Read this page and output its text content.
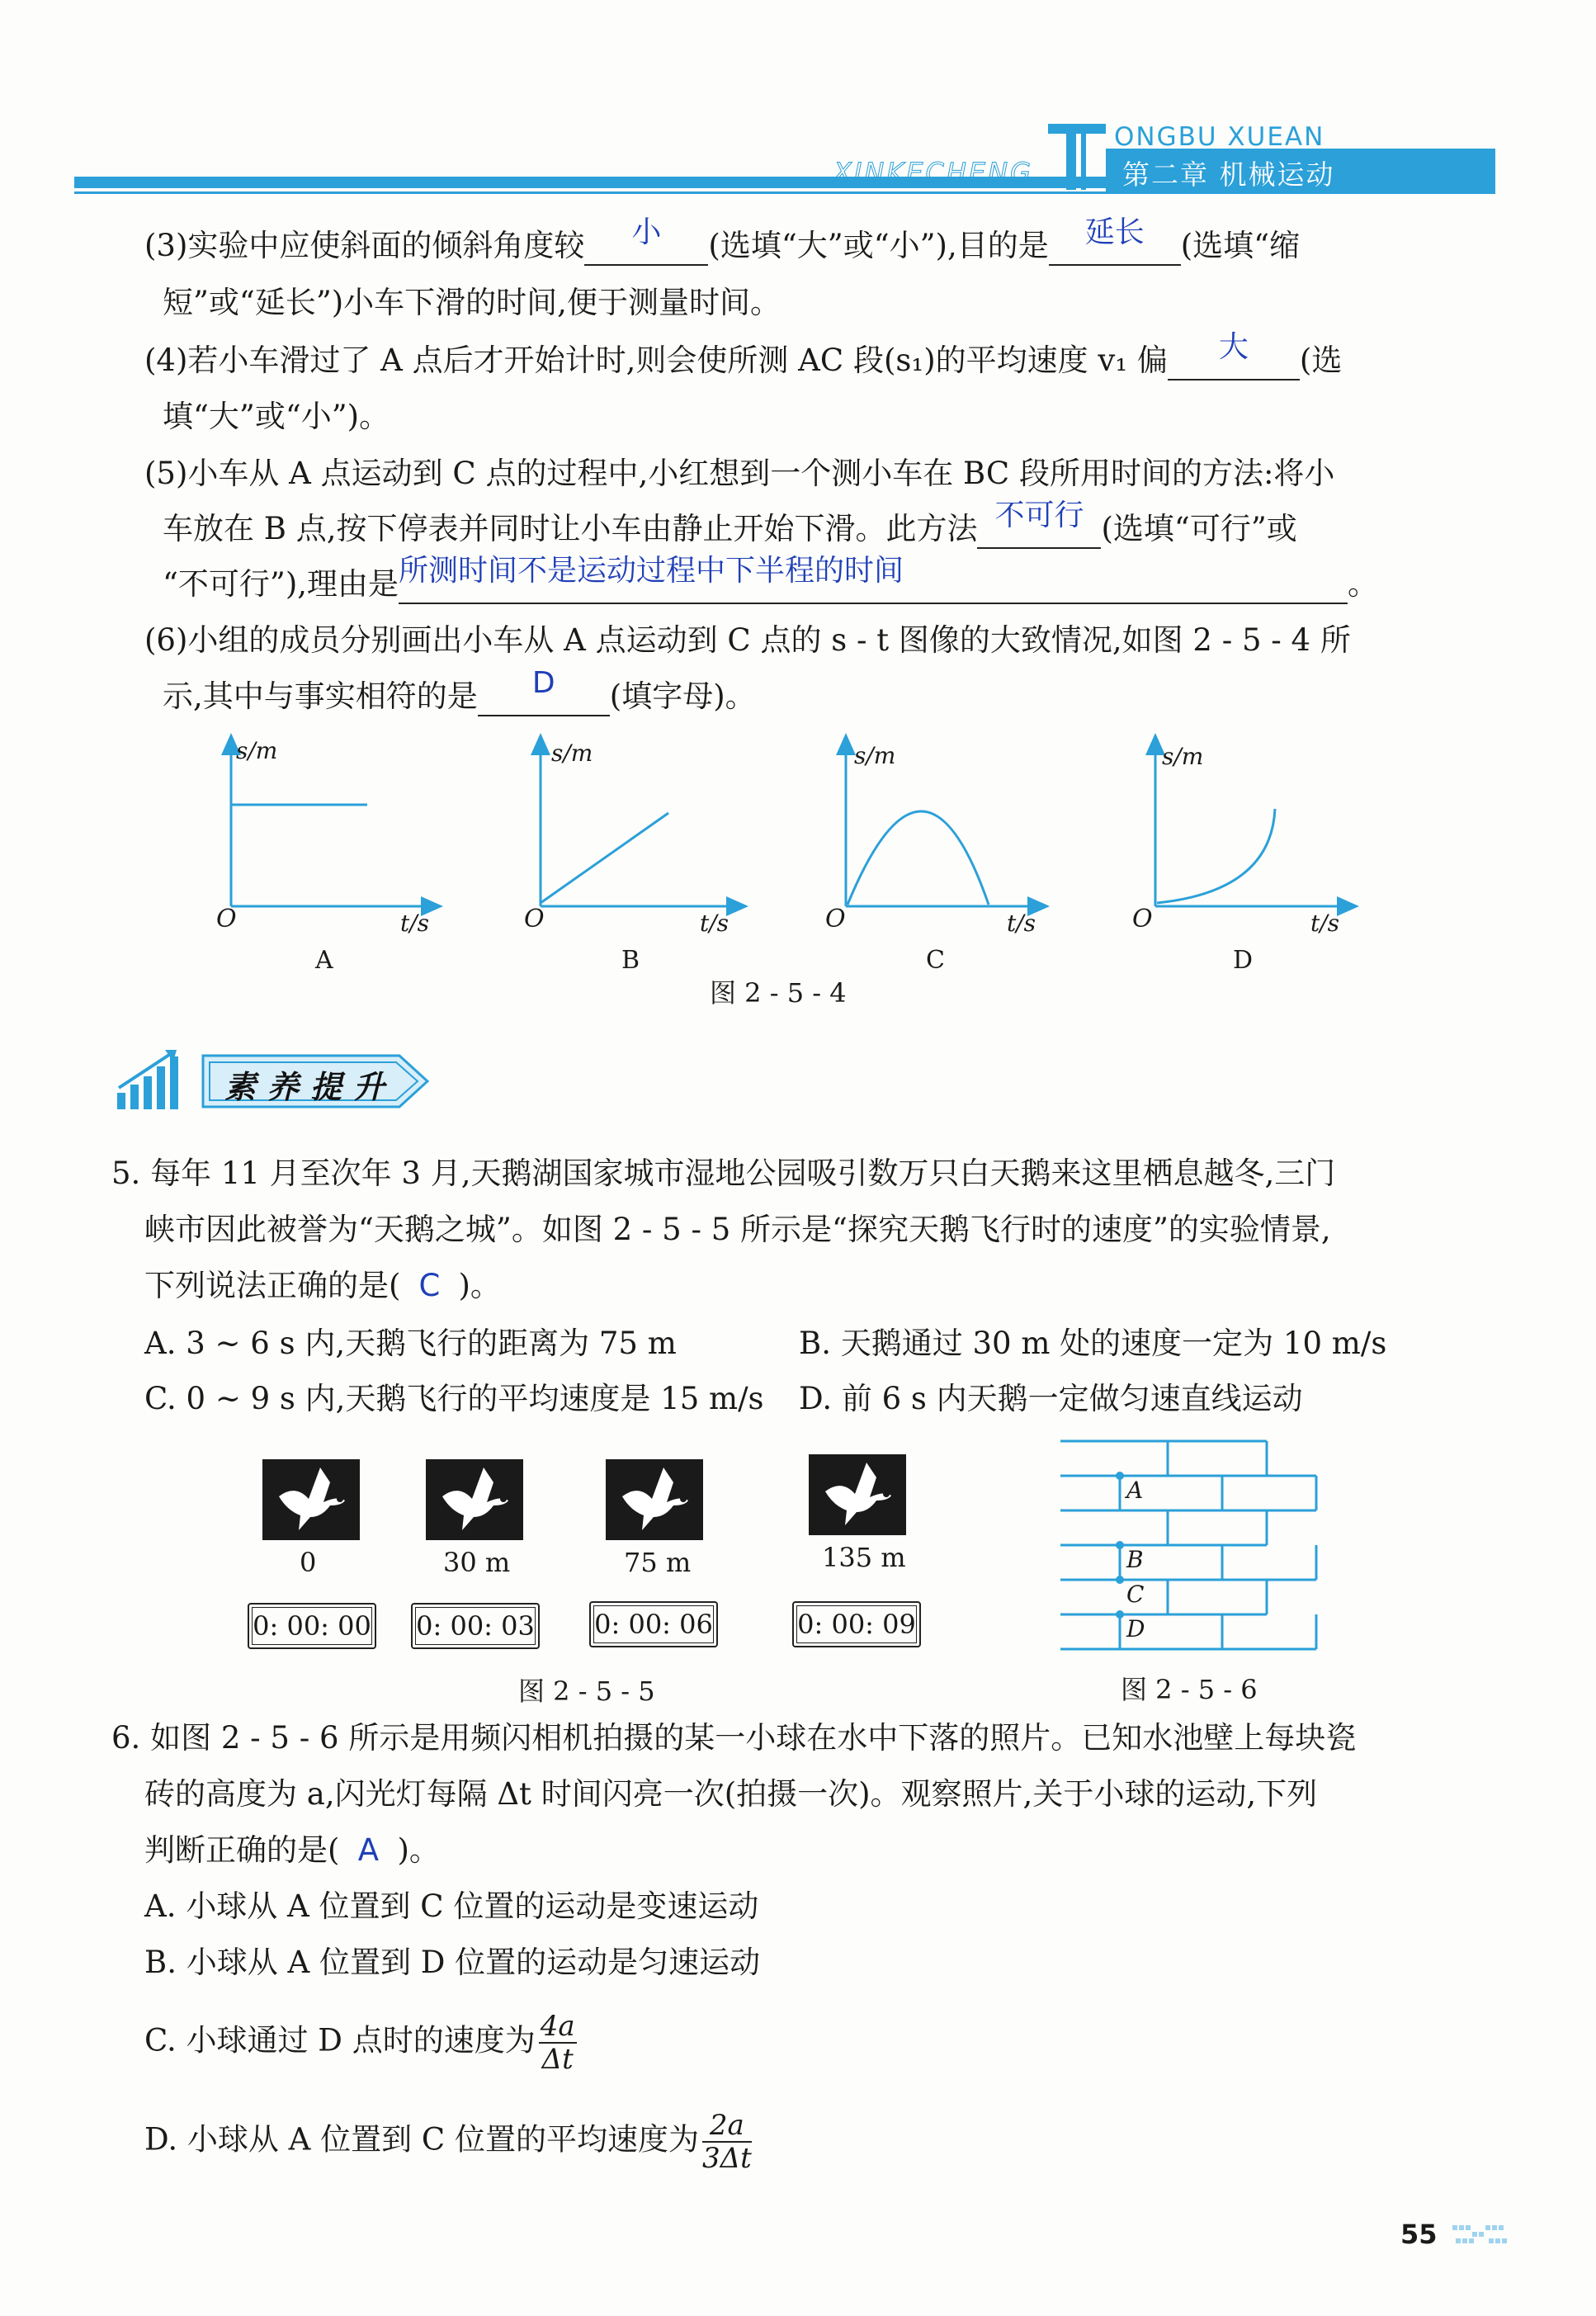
ONGBU XUEAN
XINKECHENG	第二章 机械运动
(3)实验中应使斜面的倾斜角度较	小	(选填“大”或“小”),目的是	延长	(选填“缩
短”或“延长”)小车下滑的时间,便于测量时间。
(4)若小车滑过了 A 点后才开始计时,则会使所测 AC 段(s₁)的平均速度 v₁ 偏	大	(选
填“大”或“小”)。
(5)小车从 A 点运动到 C 点的过程中,小红想到一个测小车在 BC 段所用时间的方法:将小
车放在 B 点,按下停表并同时让小车由静止开始下滑。此方法 不可行 (选填“可行”或
“不可行”),理由是 所测时间不是运动过程中下半程的时间	。
(6)小组的成员分别画出小车从 A 点运动到 C 点的 s - t 图像的大致情况,如图 2 - 5 - 4 所
示,其中与事实相符的是	D	(填字母)。
s/m
O	t/s
A
s/m
O	t/s
B
s/m
O	t/s
C
s/m
O	t/s
D
图 2 - 5 - 4
素养提升
5. 每年 11 月至次年 3 月,天鹅湖国家城市湿地公园吸引数万只白天鹅来这里栖息越冬,三门
峡市因此被誉为“天鹅之城”。如图 2 - 5 - 5 所示是“探究天鹅飞行时的速度”的实验情景,
下列说法正确的是( C )。
A. 3 ~ 6 s 内,天鹅飞行的距离为 75 m	B. 天鹅通过 30 m 处的速度一定为 10 m/s
C. 0 ~ 9 s 内,天鹅飞行的平均速度是 15 m/s D. 前 6 s 内天鹅一定做匀速直线运动
0	30 m	75 m	135 m
0: 00: 00 0: 00: 03 0: 00: 06	0: 00: 09
图 2 - 5 - 5
A
B
C
D
图 2 - 5 - 6
6. 如图 2 - 5 - 6 所示是用频闪相机拍摄的某一小球在水中下落的照片。已知水池壁上每块瓷
砖的高度为 a,闪光灯每隔 Δt 时间闪亮一次(拍摄一次)。观察照片,关于小球的运动,下列
判断正确的是( A )。
A. 小球从 A 位置到 C 位置的运动是变速运动
B. 小球从 A 位置到 D 位置的运动是匀速运动
C. 小球通过 D 点时的速度为 $\frac{4a}{\Delta t}$
D. 小球从 A 位置到 C 位置的平均速度为 $\frac{2a}{3\Delta t}$
55
